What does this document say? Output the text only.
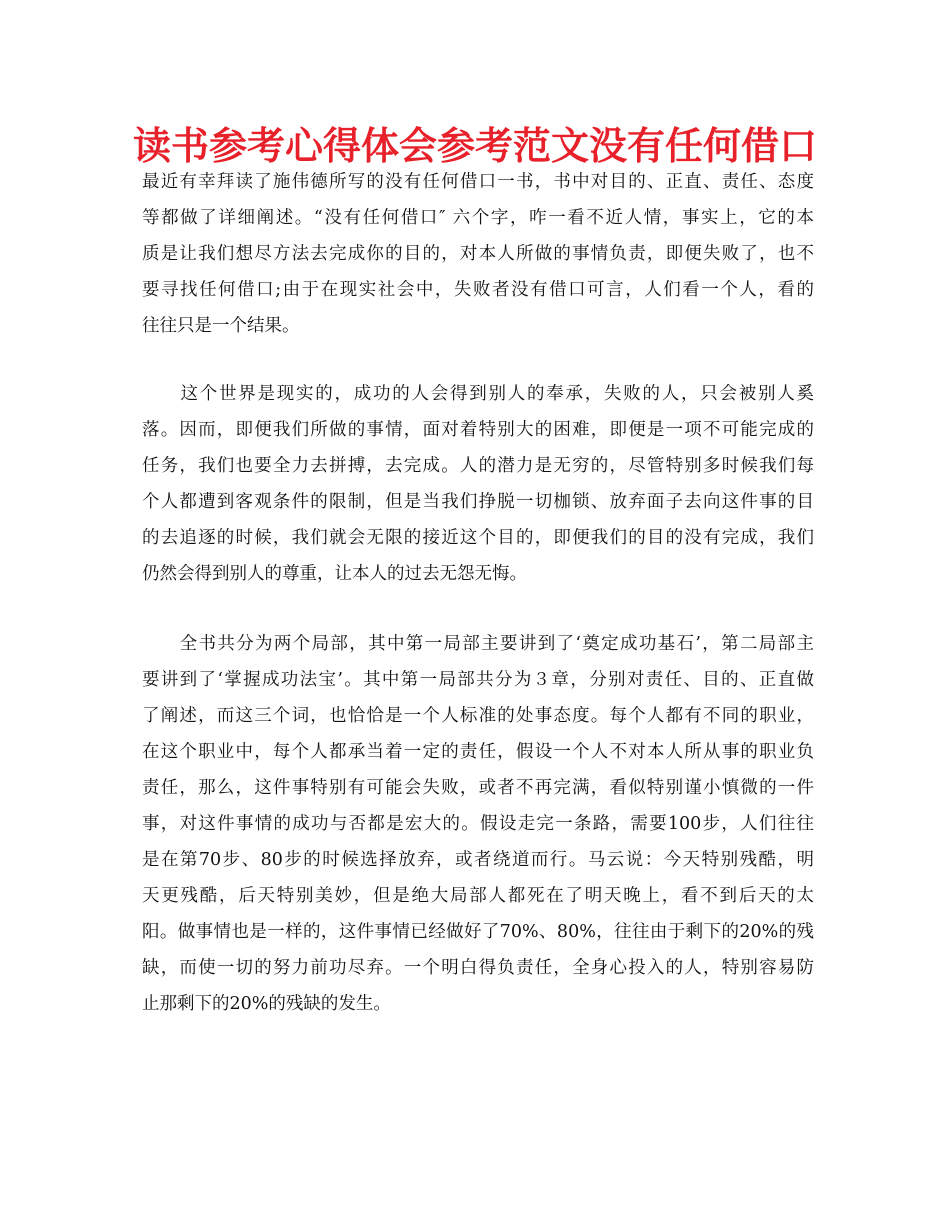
读书参考心得体会参考范文没有任何借口
最近有幸拜读了施伟德所写的没有任何借口一书，书中对目的、正直、责任、态度
等都做了详细阐述。“没有任何借口″ 六个字，咋一看不近人情，事实上，它的本
质是让我们想尽方法去完成你的目的，对本人所做的事情负责，即便失败了，也不
要寻找任何借口;由于在现实社会中，失败者没有借口可言，人们看一个人，看的
往往只是一个结果。
　　这个世界是现实的，成功的人会得到别人的奉承，失败的人，只会被别人奚
落。因而，即便我们所做的事情，面对着特别大的困难，即便是一项不可能完成的
任务，我们也要全力去拼搏，去完成。人的潜力是无穷的，尽管特别多时候我们每
个人都遭到客观条件的限制，但是当我们挣脱一切枷锁、放弃面子去向这件事的目
的去追逐的时候，我们就会无限的接近这个目的，即便我们的目的没有完成，我们
仍然会得到别人的尊重，让本人的过去无怨无悔。
　　全书共分为两个局部，其中第一局部主要讲到了‘奠定成功基石’，第二局部主
要讲到了‘掌握成功法宝’。其中第一局部共分为３章，分别对责任、目的、正直做
了阐述，而这三个词，也恰恰是一个人标准的处事态度。每个人都有不同的职业，
在这个职业中，每个人都承当着一定的责任，假设一个人不对本人所从事的职业负
责任，那么，这件事特别有可能会失败，或者不再完满，看似特别谨小慎微的一件
事，对这件事情的成功与否都是宏大的。假设走完一条路，需要100步，人们往往
是在第70步、80步的时候选择放弃，或者绕道而行。马云说：今天特别残酷，明
天更残酷，后天特别美妙，但是绝大局部人都死在了明天晚上，看不到后天的太
阳。做事情也是一样的，这件事情已经做好了70%、80%，往往由于剩下的20%的残
缺，而使一切的努力前功尽弃。一个明白得负责任，全身心投入的人，特别容易防
止那剩下的20%的残缺的发生。
